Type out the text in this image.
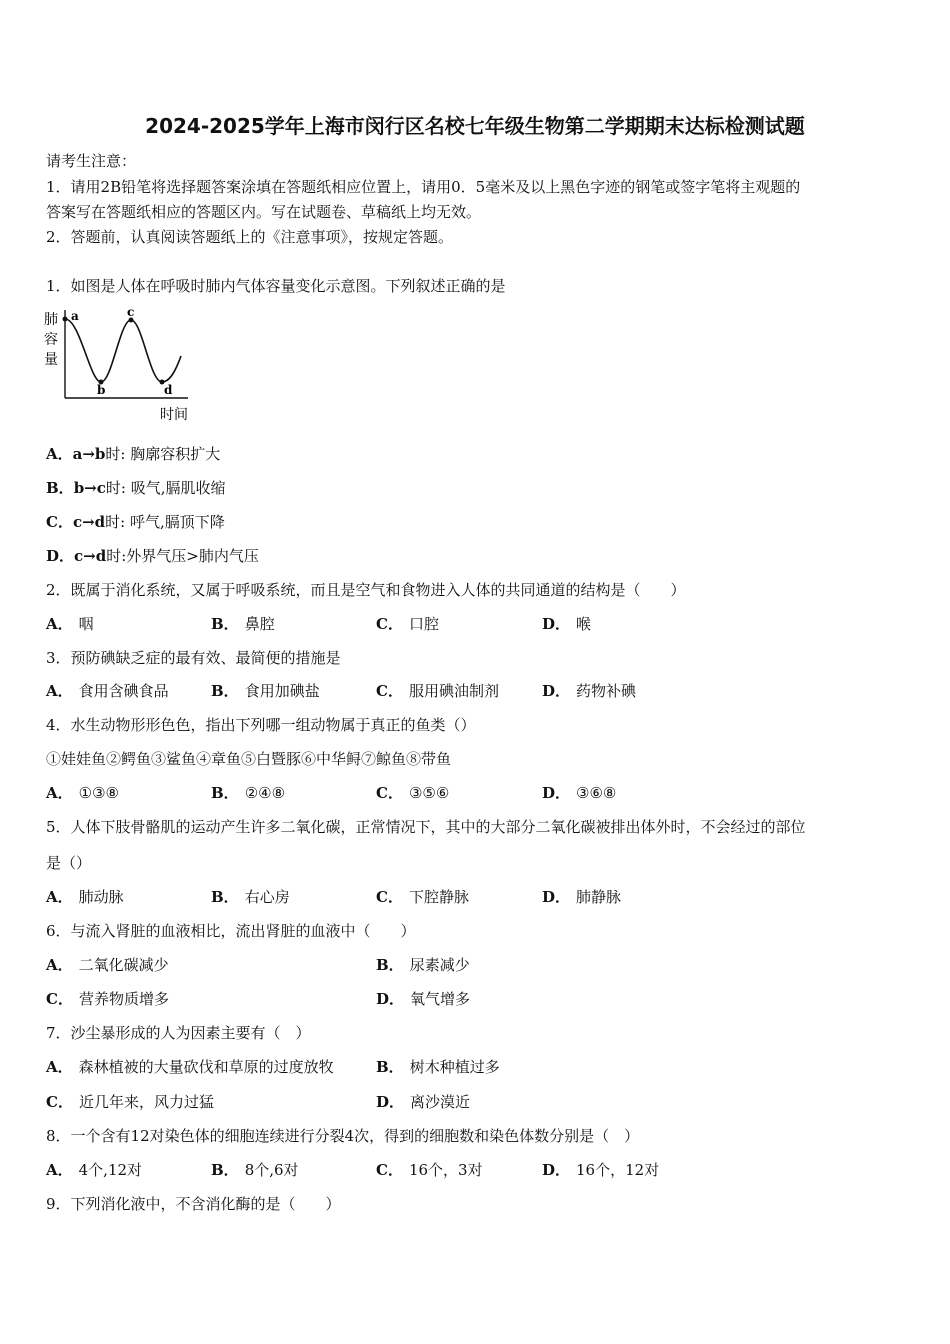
2024-2025学年上海市闵行区名校七年级生物第二学期期末达标检测试题
请考生注意：
1．请用2B铅笔将选择题答案涂填在答题纸相应位置上，请用0．5毫米及以上黑色字迹的钢笔或签字笔将主观题的
答案写在答题纸相应的答题区内。写在试题卷、草稿纸上均无效。
2．答题前，认真阅读答题纸上的《注意事项》，按规定答题。
1．如图是人体在呼吸时肺内气体容量变化示意图。下列叙述正确的是
肺
容
量
a
b
c
d
时间
A．a→b时: 胸廓容积扩大
B．b→c时: 吸气,膈肌收缩
C．c→d时: 呼气,膈顶下降
D．c→d时:外界气压>肺内气压
2．既属于消化系统，又属于呼吸系统，而且是空气和食物进入人体的共同通道的结构是（　　）
A． 咽	B． 鼻腔	C． 口腔	D． 喉
3．预防碘缺乏症的最有效、最简便的措施是
A． 食用含碘食品	B． 食用加碘盐	C． 服用碘油制剂	D． 药物补碘
4．水生动物形形色色，指出下列哪一组动物属于真正的鱼类（）
①娃娃鱼②鳄鱼③鲨鱼④章鱼⑤白暨豚⑥中华鲟⑦鲸鱼⑧带鱼
A． ①③⑧	B． ②④⑧	C． ③⑤⑥	D． ③⑥⑧
5．人体下肢骨骼肌的运动产生许多二氧化碳，正常情况下，其中的大部分二氧化碳被排出体外时，不会经过的部位
是（）
A． 肺动脉	B． 右心房	C． 下腔静脉	D． 肺静脉
6．与流入肾脏的血液相比，流出肾脏的血液中（　　）
A． 二氧化碳减少	B． 尿素减少
C． 营养物质增多	D． 氧气增多
7．沙尘暴形成的人为因素主要有（　）
A． 森林植被的大量砍伐和草原的过度放牧	B． 树木种植过多
C． 近几年来，风力过猛	D． 离沙漠近
8．一个含有12对染色体的细胞连续进行分裂4次，得到的细胞数和染色体数分别是（　）
A． 4个,12对	B． 8个,6对	C． 16个，3对	D． 16个，12对
9．下列消化液中，不含消化酶的是（　　）
